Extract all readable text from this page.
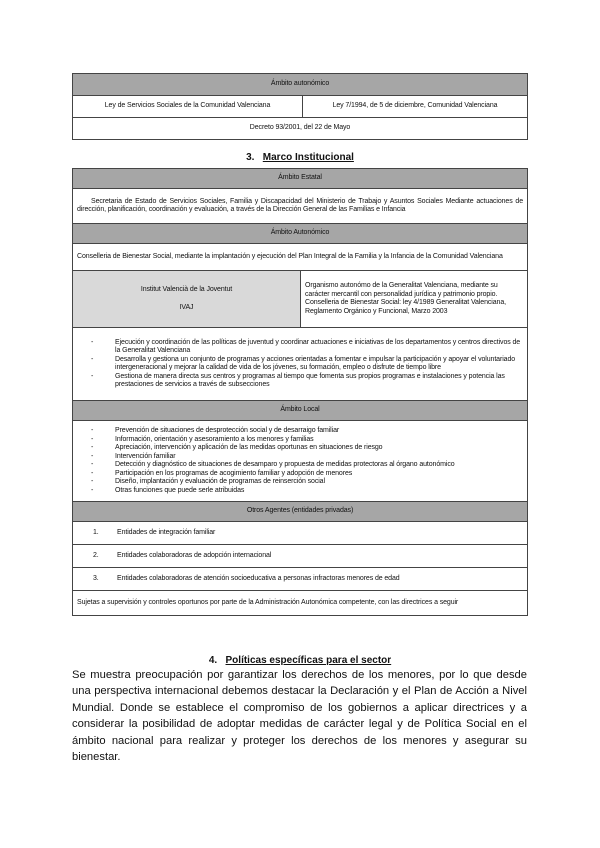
Ámbito autonómico
Ley de Servicios Sociales de la Comunidad Valenciana	Ley 7/1994, de 5 de diciembre, Comunidad Valenciana
Decreto 93/2001, del 22 de Mayo
3. Marco Institucional
Ámbito Estatal
Secretaria de Estado de Servicios Sociales, Familia y Discapacidad del Ministerio de Trabajo y Asuntos Sociales Mediante actuaciones de dirección, planificación, coordinación y evaluación, a través de la Dirección General de las Familias e Infancia
Ámbito Autonómico
Conselleria de Bienestar Social, mediante la implantación y ejecución del Plan Integral de la Familia y la Infancia de la Comunidad Valenciana

Institut Valencià de la Joventut
IVAJ
	Organismo autonómo de la Generalitat Valenciana, mediante su carácter mercantil con personalidad jurídica y patrimonio propio. Conselleria de Bienestar Social: ley 4/1989 Generalitat Valenciana, Reglamento Orgánico y Funcional, Marzo 2003

- Ejecución y coordinación de las políticas de juventud y coordinar actuaciones e iniciativas de los departamentos y centros directivos de la Generalitat Valenciana
- Desarrolla y gestiona un conjunto de programas y acciones orientadas a fomentar e impulsar la participación y apoyar el voluntariado intergeneracional y mejorar la calidad de vida de los jóvenes, su formación, empleo o disfrute de tiempo libre
- Gestiona de manera directa sus centros y programas al tiempo que fomenta sus propios programas e instalaciones y potencia las prestaciones de servicios a través de subsecciones

Ámbito Local

- Prevención de situaciones de desprotección social y de desarraigo familiar
- Información, orientación y asesoramiento a los menores y familias
- Apreciación, intervención y aplicación de las medidas oportunas en situaciones de riesgo
- Intervención familiar
- Detección y diagnóstico de situaciones de desamparo y propuesta de medidas protectoras al órgano autonómico
- Participación en los programas de acogimiento familiar y adopción de menores
- Diseño, implantación y evaluación de programas de reinserción social
- Otras funciones que puede serle atribuidas

Otros Agentes (entidades privadas)
1.	Entidades de integración familiar
2.	Entidades colaboradoras de adopción internacional
3.	Entidades colaboradoras de atención socioeducativa a personas infractoras menores de edad
Sujetas a supervisión y controles oportunos por parte de la Administración Autonómica competente, con las directrices a seguir
4. Políticas específicas para el sector
Se muestra preocupación por garantizar los derechos de los menores, por lo que desde una perspectiva internacional debemos destacar la Declaración y el Plan de Acción a Nivel Mundial. Donde se establece el compromiso de los gobiernos a aplicar directrices y a considerar la posibilidad de adoptar medidas de carácter legal y de Política Social en el ámbito nacional para realizar y proteger los derechos de los menores y asegurar su bienestar.
